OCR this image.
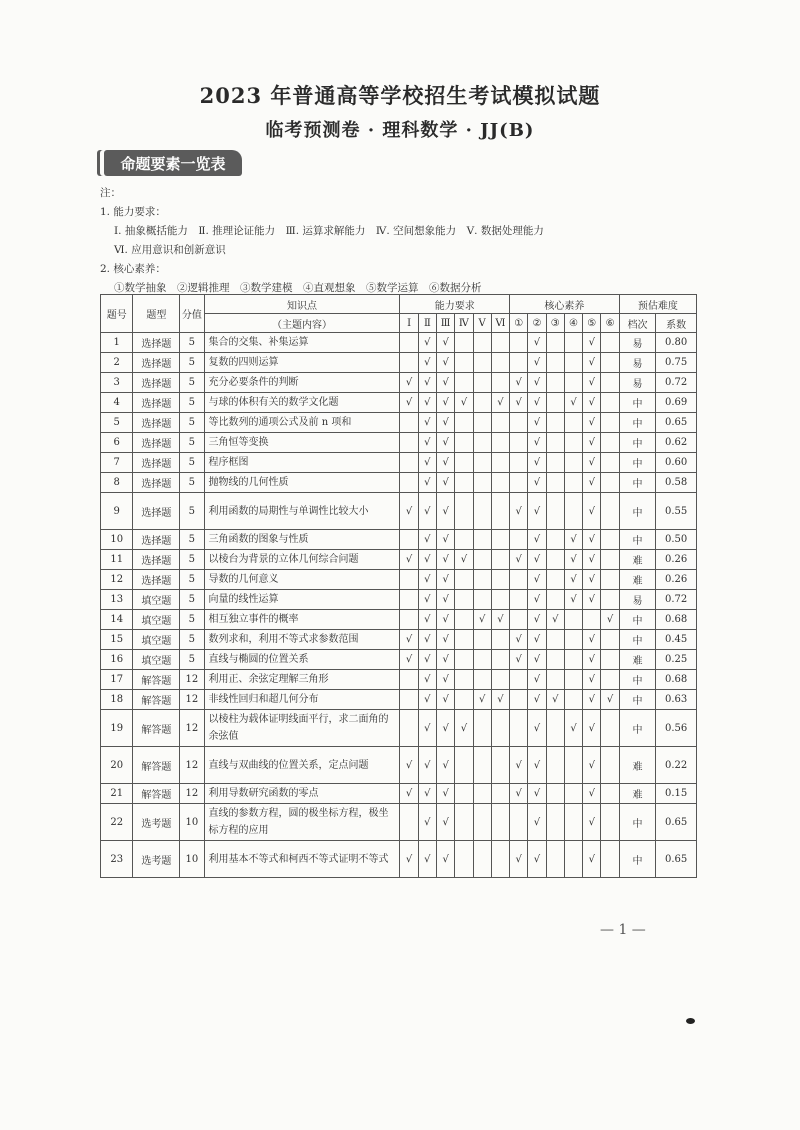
2023 年普通高等学校招生考试模拟试题
临考预测卷 · 理科数学 · JJ(B)
命题要素一览表
注：
1. 能力要求：
Ⅰ. 抽象概括能力　Ⅱ. 推理论证能力　Ⅲ. 运算求解能力　Ⅳ. 空间想象能力　Ⅴ. 数据处理能力
Ⅵ. 应用意识和创新意识
2. 核心素养：
①数学抽象　②逻辑推理　③数学建模　④直观想象　⑤数学运算　⑥数据分析
题号	题型	分值	知识点	能力要求						核心素养						预估难度	
			（主题内容）	Ⅰ	Ⅱ	Ⅲ	Ⅳ	Ⅴ	Ⅵ	①	②	③	④	⑤	⑥	档次	系数
1	选择题	5	集合的交集、补集运算		√	√					√			√		易	0.80
2	选择题	5	复数的四则运算		√	√					√			√		易	0.75
3	选择题	5	充分必要条件的判断	√	√	√				√	√			√		易	0.72
4	选择题	5	与球的体积有关的数学文化题	√	√	√	√		√	√	√		√	√		中	0.69
5	选择题	5	等比数列的通项公式及前 n 项和		√	√					√			√		中	0.65
6	选择题	5	三角恒等变换		√	√					√			√		中	0.62
7	选择题	5	程序框图		√	√					√			√		中	0.60
8	选择题	5	抛物线的几何性质		√	√					√			√		中	0.58
9	选择题	5	利用函数的局期性与单调性比较大小	√	√	√				√	√			√		中	0.55
10	选择题	5	三角函数的图象与性质		√	√					√		√	√		中	0.50
11	选择题	5	以棱台为背景的立体几何综合问题	√	√	√	√			√	√		√	√		难	0.26
12	选择题	5	导数的几何意义		√	√					√		√	√		难	0.26
13	填空题	5	向量的线性运算		√	√					√		√	√		易	0.72
14	填空题	5	相互独立事件的概率		√	√		√	√		√	√			√	中	0.68
15	填空题	5	数列求和，利用不等式求参数范围	√	√	√				√	√			√		中	0.45
16	填空题	5	直线与椭圆的位置关系	√	√	√				√	√			√		难	0.25
17	解答题	12	利用正、余弦定理解三角形		√	√					√			√		中	0.68
18	解答题	12	非线性回归和超几何分布		√	√		√	√		√	√		√	√	中	0.63
19	解答题	12	以棱柱为载体证明线面平行，求二面角的余弦值		√	√	√				√		√	√		中	0.56
20	解答题	12	直线与双曲线的位置关系，定点问题	√	√	√				√	√			√		难	0.22
21	解答题	12	利用导数研究函数的零点	√	√	√				√	√			√		难	0.15
22	选考题	10	直线的参数方程，圆的极坐标方程，极坐标方程的应用		√	√					√			√		中	0.65
23	选考题	10	利用基本不等式和柯西不等式证明不等式	√	√	√				√	√			√		中	0.65
— 1 —
